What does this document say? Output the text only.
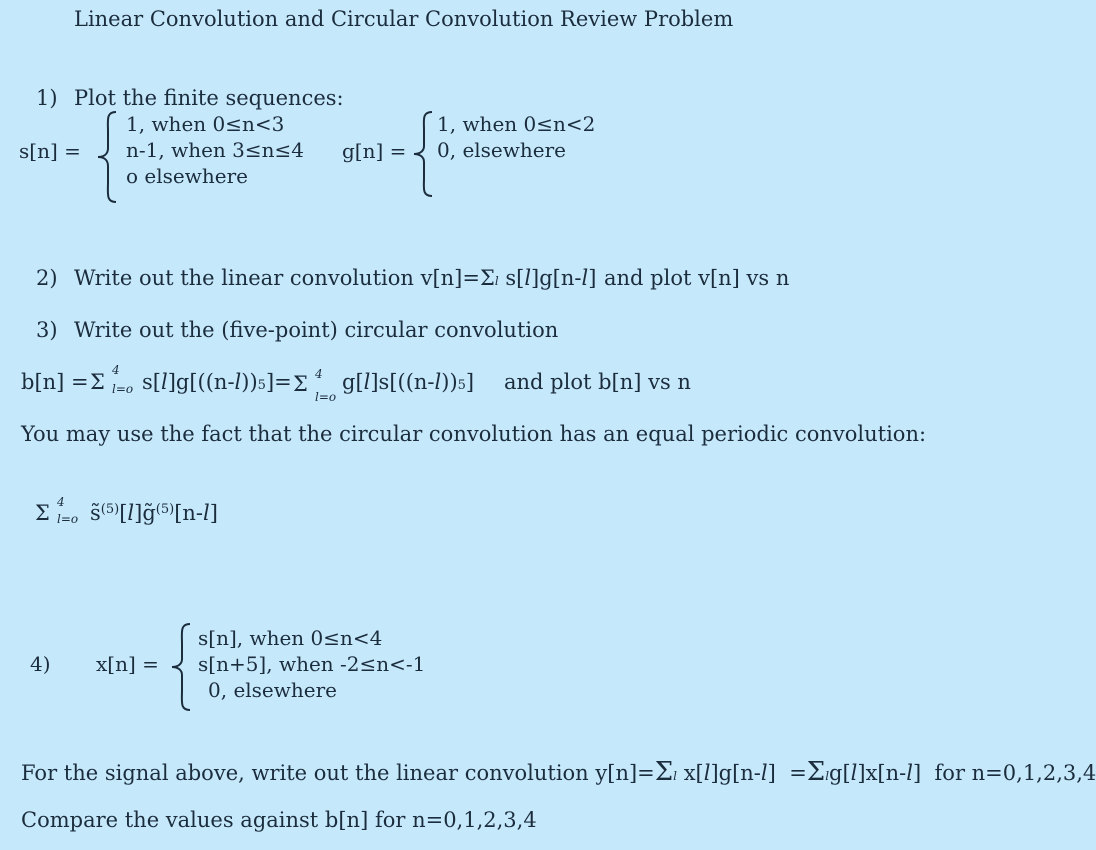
Linear Convolution and Circular Convolution Review Problem
1) Plot the finite sequences:
s[n] =
1, when 0≤n<3
n-1, when 3≤n≤4
o elsewhere
g[n] =
1, when 0≤n<2
0, elsewhere
2) Write out the linear convolution v[n]=Σl s[l]g[n-l] and plot v[n] vs n
3) Write out the (five-point) circular convolution
b[n] = Σ 4
l=o s[l]g[((n-l))5]= Σ 4
l=o
g[l]s[((n-l))5] and plot b[n] vs n
You may use the fact that the circular convolution has an equal periodic convolution:
Σ 4
l=o s̃$^{(5)}$[l]g̃$^{(5)}$[n-l]
4) x[n] =
s[n], when 0≤n<4
s[n+5], when -2≤n<-1
0, elsewhere
For the signal above, write out the linear convolution y[n]=Σl x[l]g[n-l] =Σlg[l]x[n-l] for n=0,1,2,3,4
Compare the values against b[n] for n=0,1,2,3,4
